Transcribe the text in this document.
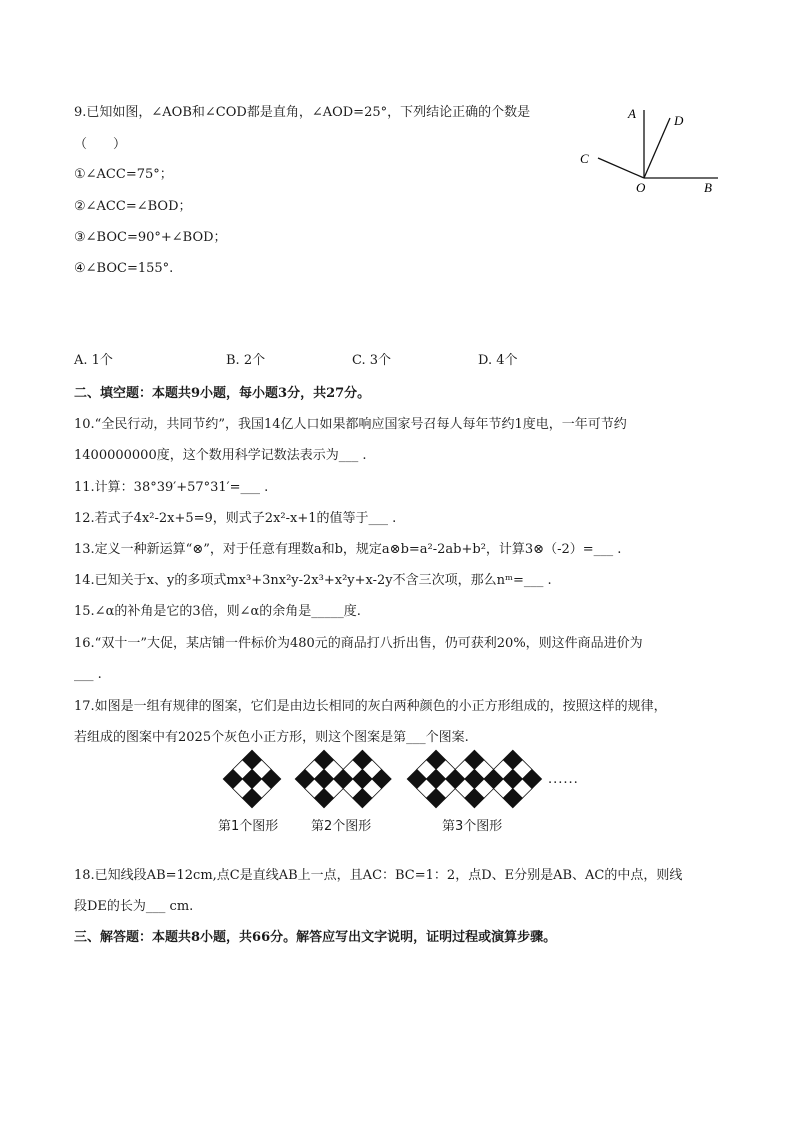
9.已知如图，∠AOB和∠COD都是直角，∠AOD=25°，下列结论正确的个数是
（　　）
①∠ACC=75°；
②∠ACC=∠BOD；
③∠BOC=90°+∠BOD；
④∠BOC=155°.
A	D
C
O	B
A. 1个	B. 2个	C. 3个	D. 4个
二、填空题：本题共9小题，每小题3分，共27分。
10.“全民行动，共同节约”，我国14亿人口如果都响应国家号召每人每年节约1度电，一年可节约
1400000000度，这个数用科学记数法表示为___ .
11.计算：38°39′+57°31′=___ .
12.若式子4x²-2x+5=9，则式子2x²-x+1的值等于___ .
13.定义一种新运算“⊗”，对于任意有理数a和b，规定a⊗b=a²-2ab+b²，计算3⊗（-2）=___ .
14.已知关于x、y的多项式mx³+3nx²y-2x³+x²y+x-2y不含三次项，那么nᵐ=___ .
15.∠α的补角是它的3倍，则∠α的余角是_____度.
16.“双十一”大促，某店铺一件标价为480元的商品打八折出售，仍可获利20%，则这件商品进价为
___ .
17.如图是一组有规律的图案，它们是由边长相同的灰白两种颜色的小正方形组成的，按照这样的规律，
若组成的图案中有2025个灰色小正方形，则这个图案是第___个图案.
......
第1个图形	第2个图形	第3个图形
18.已知线段AB=12cm,点C是直线AB上一点，且AC：BC=1：2，点D、E分别是AB、AC的中点，则线
段DE的长为___ cm.
三、解答题：本题共8小题，共66分。解答应写出文字说明，证明过程或演算步骤。
